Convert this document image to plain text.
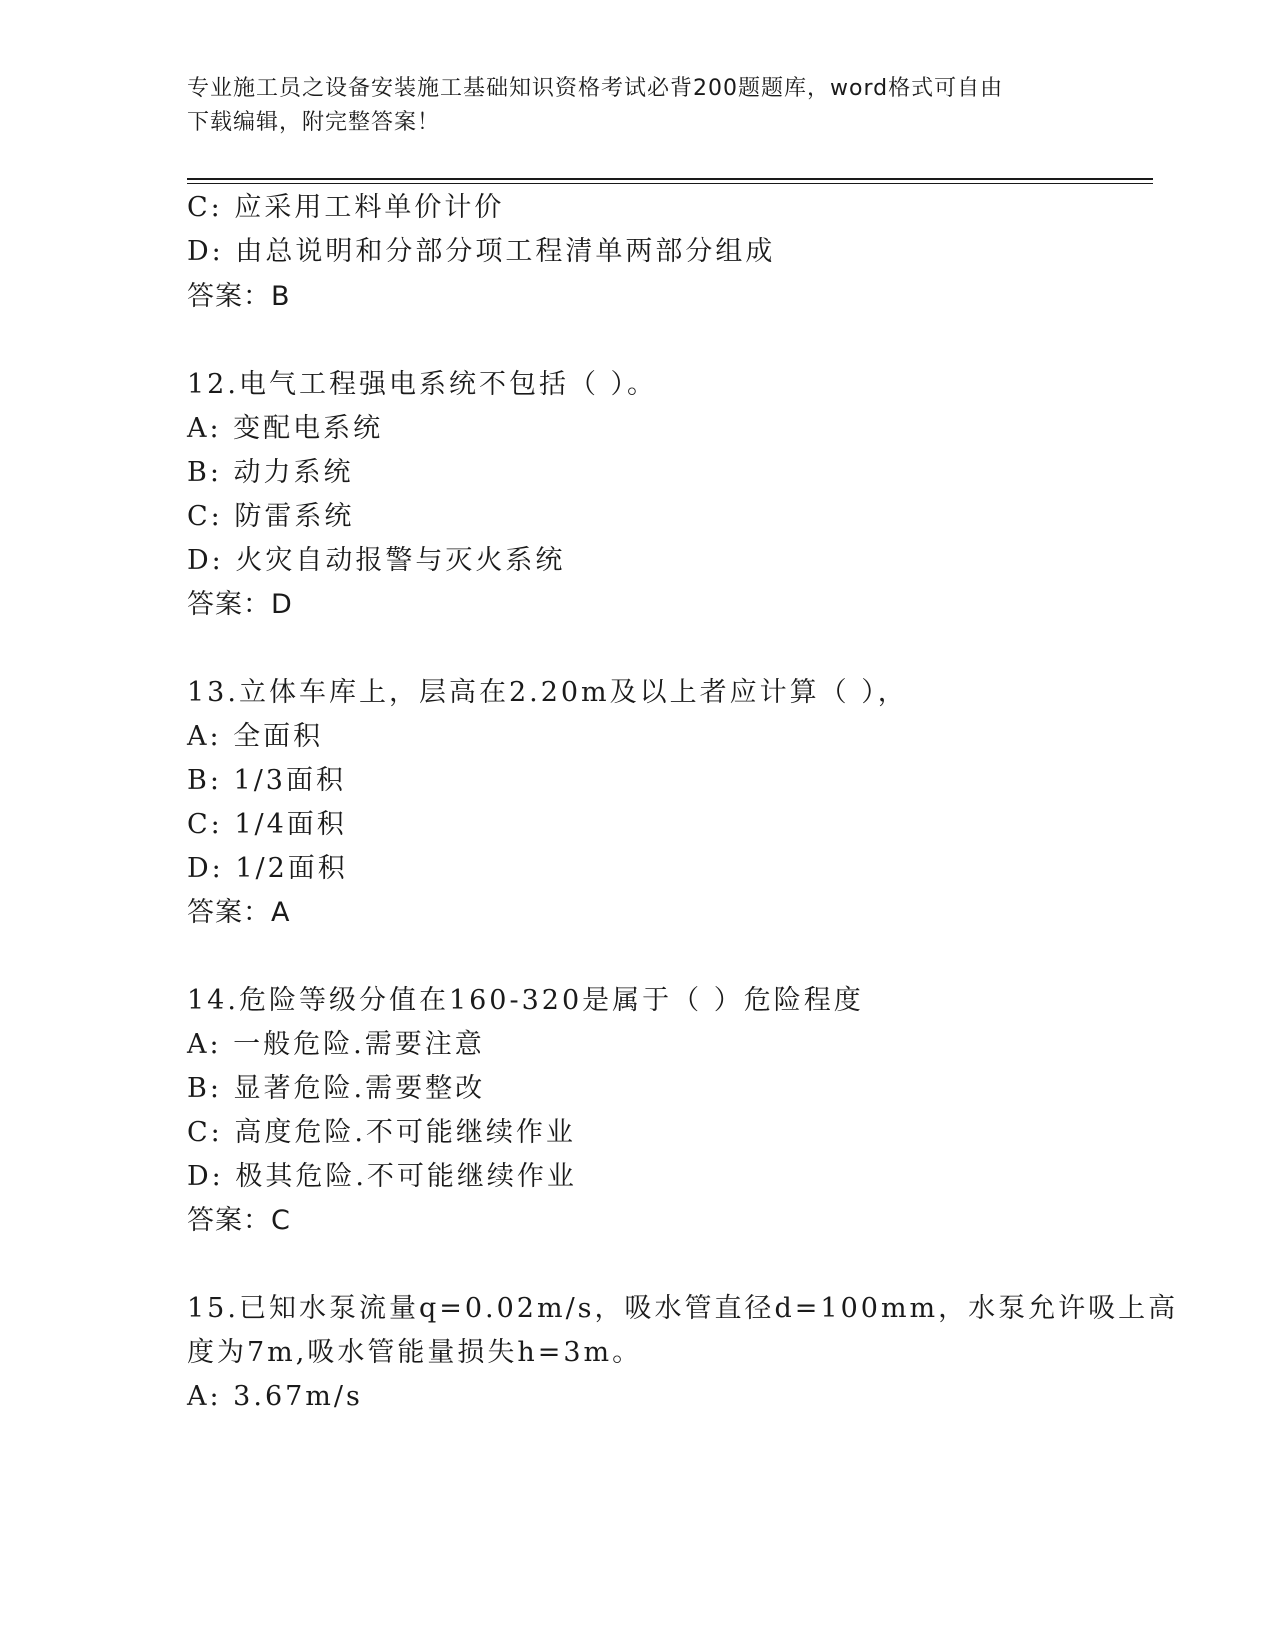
专业施工员之设备安装施工基础知识资格考试必背200题题库，word格式可自由
下载编辑，附完整答案！
C: 应采用工料单价计价
D: 由总说明和分部分项工程清单两部分组成
答案：B
12.电气工程强电系统不包括（ ）。
A: 变配电系统
B: 动力系统
C: 防雷系统
D: 火灾自动报警与灭火系统
答案：D
13.立体车库上，层高在2.20m及以上者应计算（ ），
A: 全面积
B: 1/3面积
C: 1/4面积
D: 1/2面积
答案：A
14.危险等级分值在160-320是属于（ ）危险程度
A: 一般危险.需要注意
B: 显著危险.需要整改
C: 高度危险.不可能继续作业
D: 极其危险.不可能继续作业
答案：C
15.已知水泵流量q=0.02m/s，吸水管直径d=100mm，水泵允许吸上高
度为7m,吸水管能量损失h=3m。
A: 3.67m/s
